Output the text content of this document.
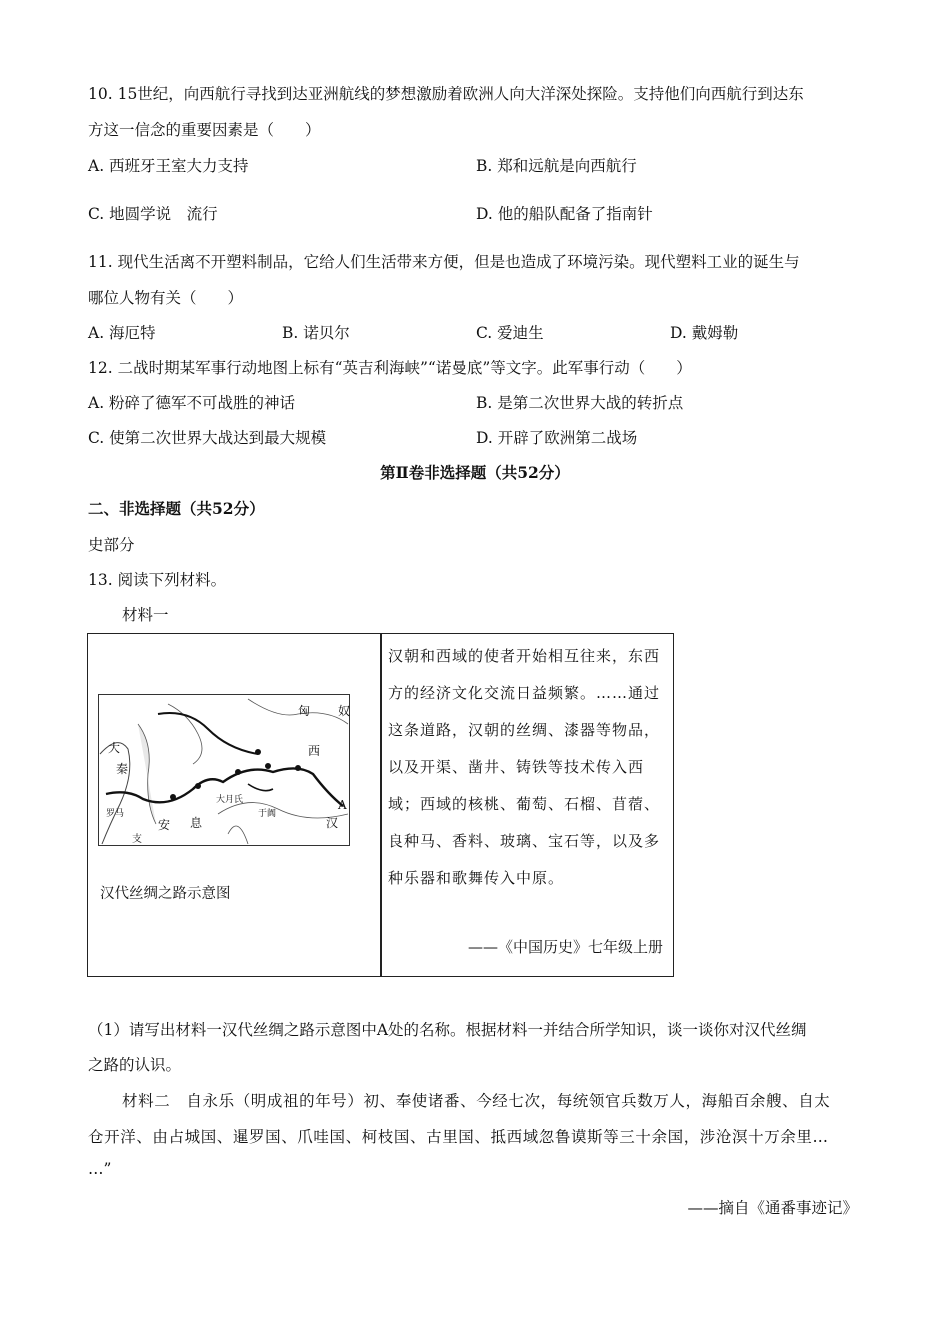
10. 15世纪，向西航行寻找到达亚洲航线的梦想激励着欧洲人向大洋深处探险。支持他们向西航行到达东
方这一信念的重要因素是（　　）
A. 西班牙王室大力支持	B. 郑和远航是向西航行
C. 地圆学说　流行	D. 他的船队配备了指南针
11. 现代生活离不开塑料制品，它给人们生活带来方便，但是也造成了环境污染。现代塑料工业的诞生与
哪位人物有关（　　）
A. 海厄特	B. 诺贝尔	C. 爱迪生	D. 戴姆勒
12. 二战时期某军事行动地图上标有“英吉利海峡”“诺曼底”等文字。此军事行动（　　）
A. 粉碎了德军不可战胜的神话	B. 是第二次世界大战的转折点
C. 使第二次世界大战达到最大规模	D. 开辟了欧洲第二战场
第Ⅱ卷非选择题（共52分）
二、非选择题（共52分）
史部分
13. 阅读下列材料。
材料一
匈 奴
西
大
秦
安 息	汉
A
大月氏
于阗
罗马
支
汉代丝绸之路示意图
汉朝和西域的使者开始相互往来，东西方的经济文化交流日益频繁。……通过这条道路，汉朝的丝绸、漆器等物品，以及开渠、凿井、铸铁等技术传入西域；西域的核桃、葡萄、石榴、苜蓿、良种马、香料、玻璃、宝石等，以及多种乐器和歌舞传入中原。
——《中国历史》七年级上册
（1）请写出材料一汉代丝绸之路示意图中A处的名称。根据材料一并结合所学知识，谈一谈你对汉代丝绸
之路的认识。
材料二　自永乐（明成祖的年号）初、奉使诸番、今经七次，每统领官兵数万人，海船百余艘、自太
仓开洋、由占城国、暹罗国、爪哇国、柯枝国、古里国、抵西域忽鲁谟斯等三十余国，涉沧溟十万余里…
…”
——摘自《通番事迹记》
